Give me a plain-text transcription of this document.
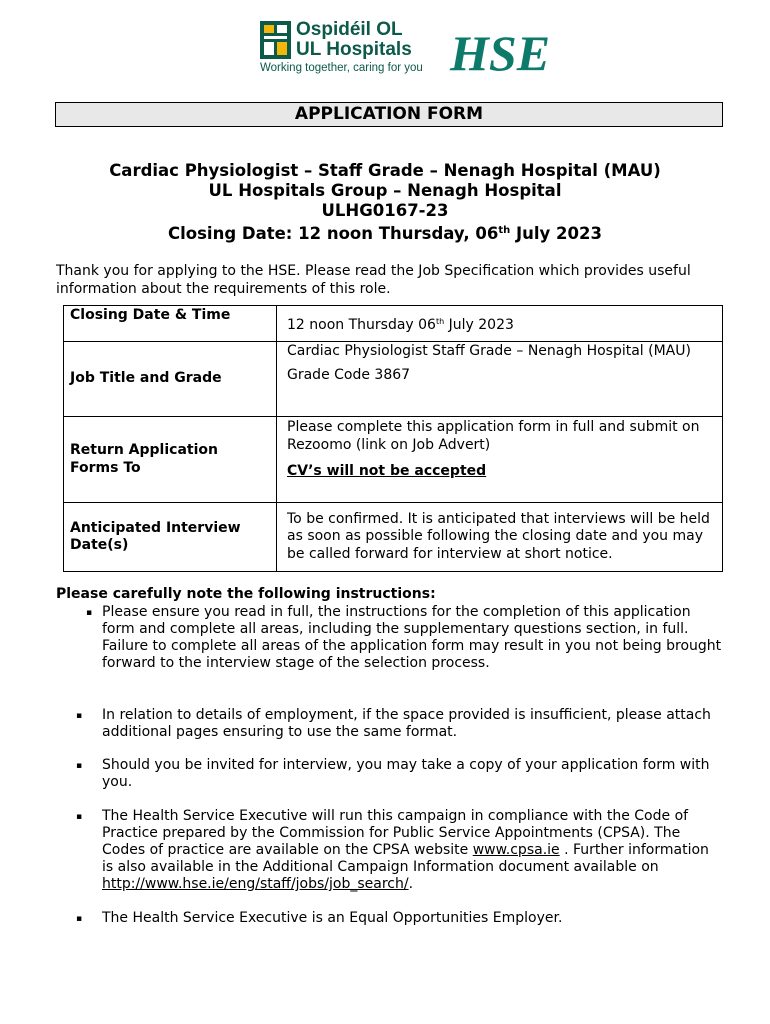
Ospidéil OL
UL Hospitals
Working together, caring for you HSE
APPLICATION FORM
Cardiac Physiologist – Staff Grade – Nenagh Hospital (MAU)
UL Hospitals Group – Nenagh Hospital
ULHG0167-23
Closing Date: 12 noon Thursday, 06th July 2023
Thank you for applying to the HSE. Please read the Job Specification which provides useful information about the requirements of this role.
Closing Date & Time	12 noon Thursday 06th July 2023
Job Title and Grade	Cardiac Physiologist Staff Grade – Nenagh Hospital (MAU)
Grade Code 3867

Return Application Forms To	Please complete this application form in full and submit on Rezoomo (link on Job Advert)
CV’s will not be accepted

Anticipated Interview Date(s)	To be confirmed. It is anticipated that interviews will be held as soon as possible following the closing date and you may be called forward for interview at short notice.
Please carefully note the following instructions:
▪ Please ensure you read in full, the instructions for the completion of this application form and complete all areas, including the supplementary questions section, in full. Failure to complete all areas of the application form may result in you not being brought forward to the interview stage of the selection process.
▪ In relation to details of employment, if the space provided is insufficient, please attach additional pages ensuring to use the same format.
▪ Should you be invited for interview, you may take a copy of your application form with you.
▪ The Health Service Executive will run this campaign in compliance with the Code of Practice prepared by the Commission for Public Service Appointments (CPSA). The Codes of practice are available on the CPSA website www.cpsa.ie . Further information is also available in the Additional Campaign Information document available on http://www.hse.ie/eng/staff/jobs/job_search/.
▪ The Health Service Executive is an Equal Opportunities Employer.
